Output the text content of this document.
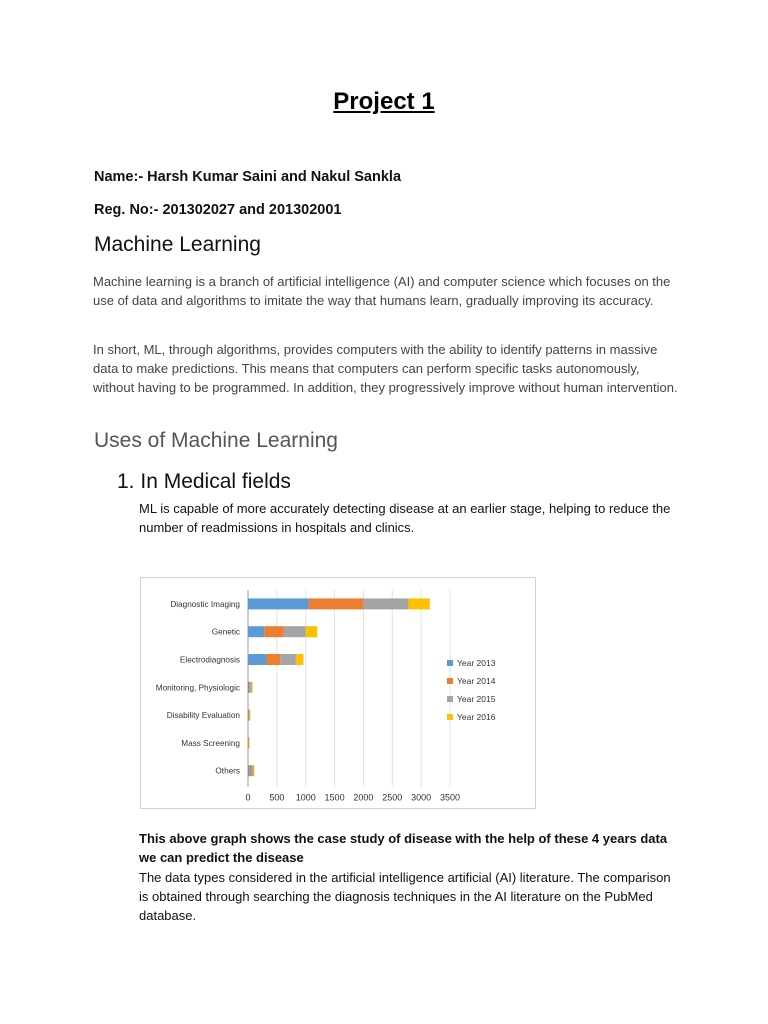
Project 1
Name:- Harsh Kumar Saini and Nakul Sankla
Reg. No:- 201302027 and 201302001
Machine Learning
Machine learning is a branch of artificial intelligence (AI) and computer science which focuses on the use of data and algorithms to imitate the way that humans learn, gradually improving its accuracy.
In short, ML, through algorithms, provides computers with the ability to identify patterns in massive data to make predictions. This means that computers can perform specific tasks autonomously, without having to be programmed. In addition, they progressively improve without human intervention.
Uses of Machine Learning
1. In Medical fields
ML is capable of more accurately detecting disease at an earlier stage, helping to reduce the number of readmissions in hospitals and clinics.
0 500 1000 1500 2000 2500 3000 3500
Diagnostic Imaging
Genetic
Electrodiagnosis
Monitoring, Physiologic
Disability Evaluation
Mass Screening
Others
Year 2013
Year 2014
Year 2015
Year 2016
This above graph shows the case study of disease with the help of these 4 years data we can predict the disease
The data types considered in the artificial intelligence artificial (AI) literature. The comparison is obtained through searching the diagnosis techniques in the AI literature on the PubMed database.
